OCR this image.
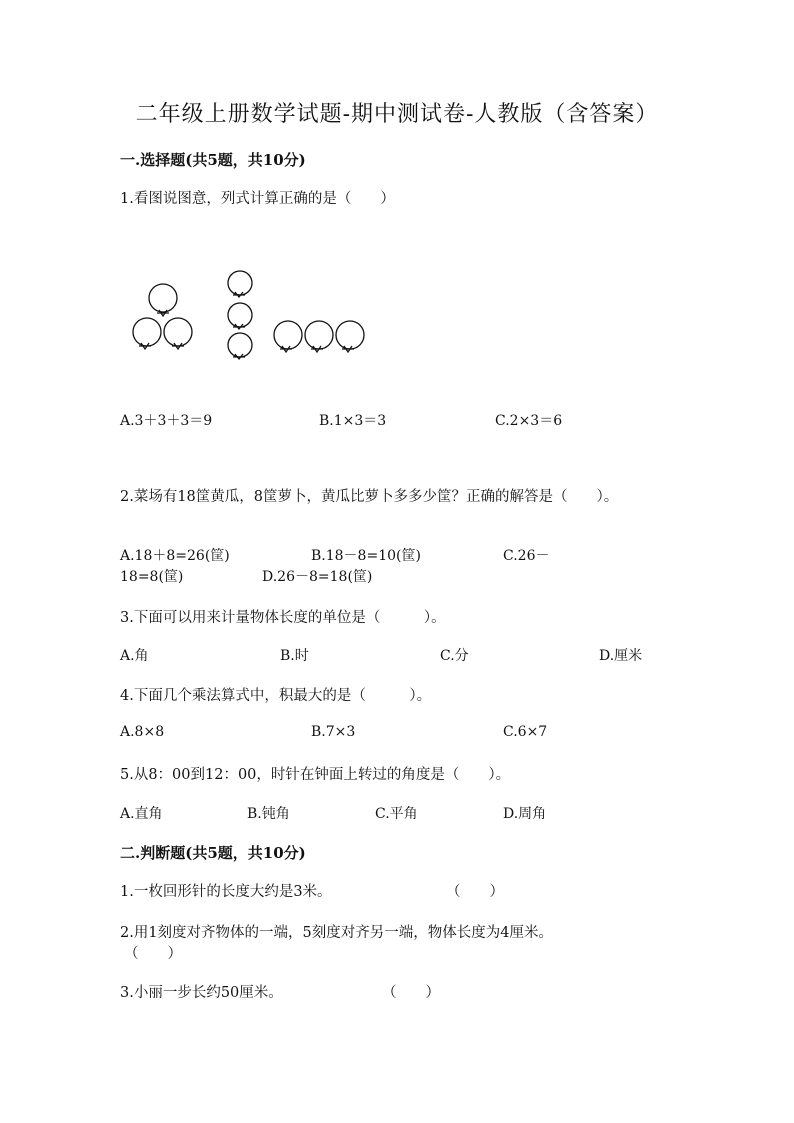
二年级上册数学试题-期中测试卷-人教版（含答案）
一.选择题(共5题，共10分)
1.看图说图意，列式计算正确的是（　　）
A.3＋3＋3＝9	B.1×3＝3	C.2×3＝6
2.菜场有18筐黄瓜，8筐萝卜，黄瓜比萝卜多多少筐？正确的解答是（　　）。
A.18＋8=26(筐)	B.18－8=10(筐)	C.26－
18=8(筐)	D.26－8=18(筐)
3.下面可以用来计量物体长度的单位是（　　　）。
A.角	B.时	C.分	D.厘米
4.下面几个乘法算式中，积最大的是（　　　）。
A.8×8	B.7×3	C.6×7
5.从8：00到12：00，时针在钟面上转过的角度是（　　）。
A.直角	B.钝角	C.平角	D.周角
二.判断题(共5题，共10分)
1.一枚回形针的长度大约是3米。	（　　）
2.用1刻度对齐物体的一端，5刻度对齐另一端，物体长度为4厘米。
（　　）
3.小丽一步长约50厘米。	（　　）
